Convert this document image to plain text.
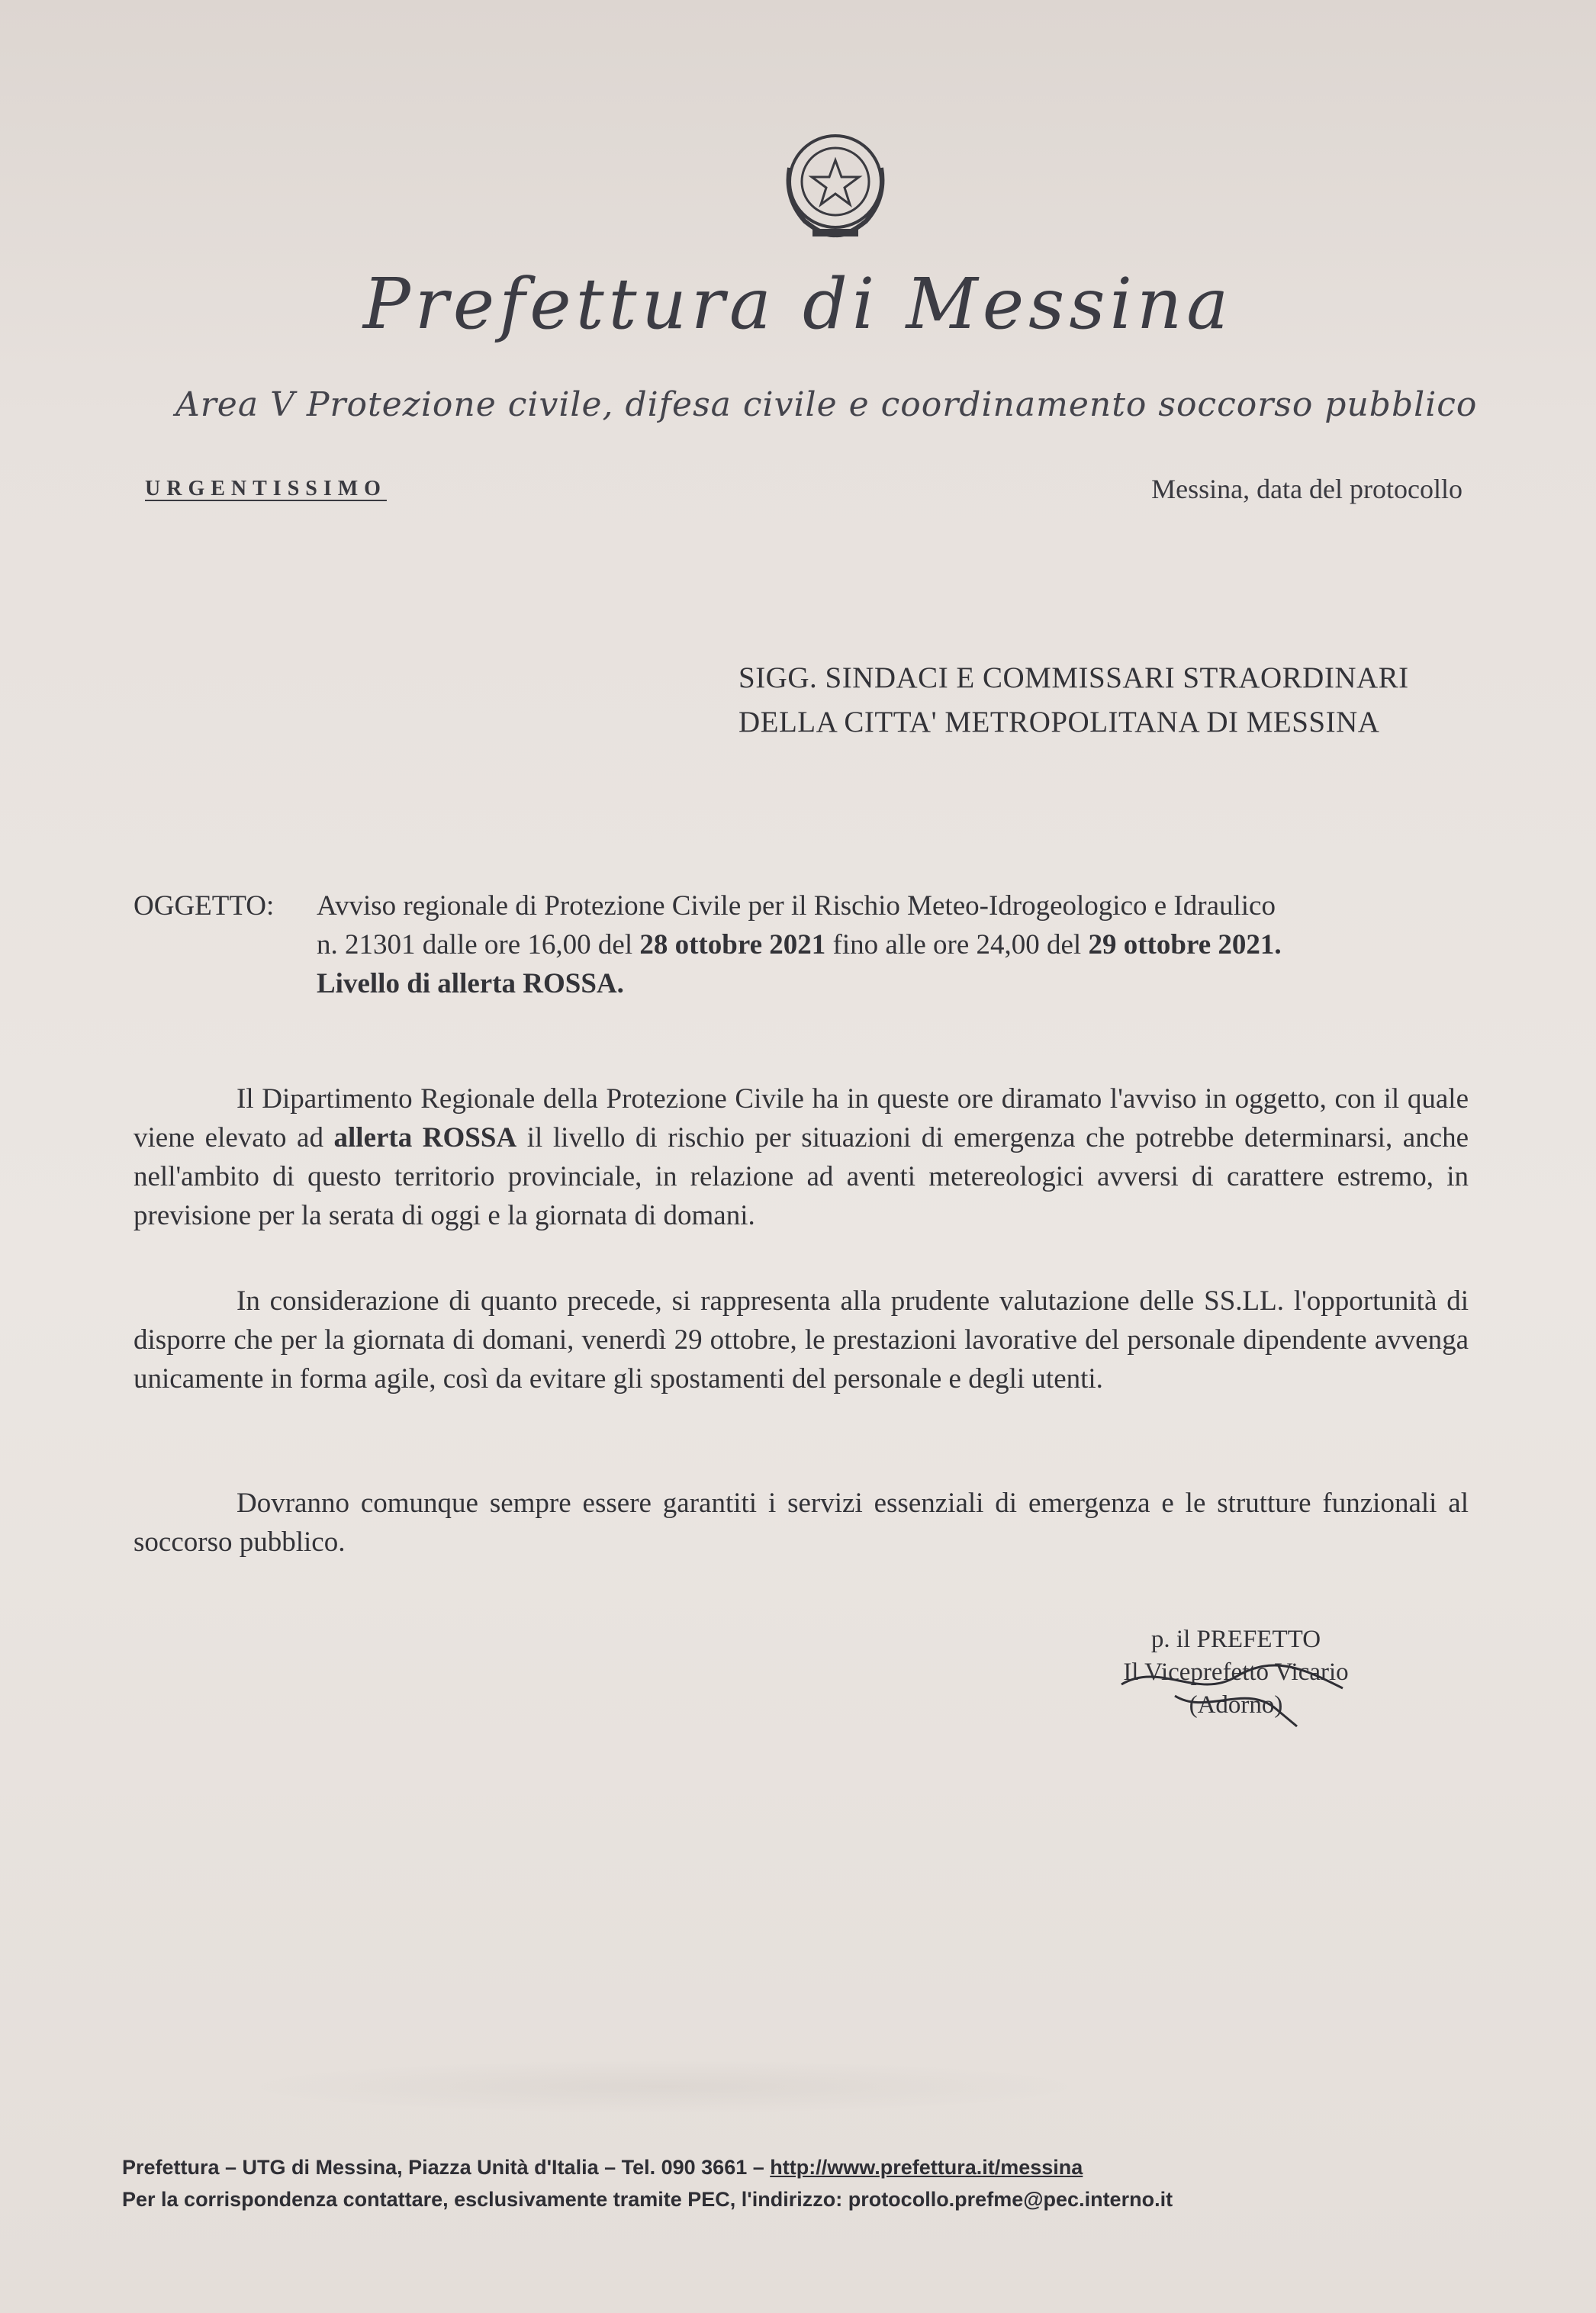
Prefettura di Messina
Area V Protezione civile, difesa civile e coordinamento soccorso pubblico
URGENTISSIMO	Messina, data del protocollo
SIGG. SINDACI E COMMISSARI STRAORDINARI
DELLA CITTA' METROPOLITANA DI MESSINA
OGGETTO: Avviso regionale di Protezione Civile per il Rischio Meteo-Idrogeologico e Idraulico
n. 21301 dalle ore 16,00 del 28 ottobre 2021 fino alle ore 24,00 del 29 ottobre 2021.
Livello di allerta ROSSA.
Il Dipartimento Regionale della Protezione Civile ha in queste ore diramato l'avviso in oggetto, con il quale viene elevato ad allerta ROSSA il livello di rischio per situazioni di emergenza che potrebbe determinarsi, anche nell'ambito di questo territorio provinciale, in relazione ad aventi metereologici avversi di carattere estremo, in previsione per la serata di oggi e la giornata di domani.
In considerazione di quanto precede, si rappresenta alla prudente valutazione delle SS.LL. l'opportunità di disporre che per la giornata di domani, venerdì 29 ottobre, le prestazioni lavorative del personale dipendente avvenga unicamente in forma agile, così da evitare gli spostamenti del personale e degli utenti.
Dovranno comunque sempre essere garantiti i servizi essenziali di emergenza e le strutture funzionali al soccorso pubblico.
p. il PREFETTO
Il Viceprefetto Vicario
(Adorno)
Prefettura – UTG di Messina, Piazza Unità d'Italia – Tel. 090 3661 – http://www.prefettura.it/messina
Per la corrispondenza contattare, esclusivamente tramite PEC, l'indirizzo: protocollo.prefme@pec.interno.it
